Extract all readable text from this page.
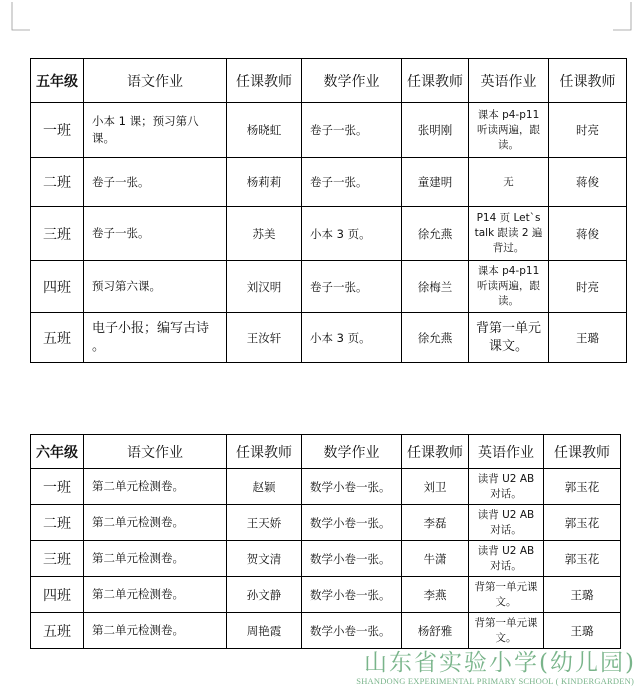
五年级	语文作业	任课教师	数学作业	任课教师	英语作业	任课教师
一班	小本 1 课；预习第八课。	杨晓虹	卷子一张。	张明刚	课本 p4-p11 听读两遍，跟读。	时亮
二班	卷子一张。	杨莉莉	卷子一张。	童建明	无	蒋俊
三班	卷子一张。	苏美	小本 3 页。	徐允燕	P14 页 Let`s talk 跟读 2 遍 背过。	蒋俊
四班	预习第六课。	刘汉明	卷子一张。	徐梅兰	课本 p4-p11 听读两遍，跟读。	时亮
五班	电子小报；编写古诗 。	王汝轩	小本 3 页。	徐允燕	背第一单元课文。	王璐
六年级	语文作业	任课教师	数学作业	任课教师	英语作业	任课教师
一班	第二单元检测卷。	赵颖	数学小卷一张。	刘卫	读背 U2 AB 对话。	郭玉花
二班	第二单元检测卷。	王天娇	数学小卷一张。	李磊	读背 U2 AB 对话。	郭玉花
三班	第二单元检测卷。	贺文清	数学小卷一张。	牛潇	读背 U2 AB 对话。	郭玉花
四班	第二单元检测卷。	孙文静	数学小卷一张。	李燕	背第一单元课文。	王璐
五班	第二单元检测卷。	周艳霞	数学小卷一张。	杨舒雅	背第一单元课文。	王璐
山东省实验小学(幼儿园)
SHANDONG EXPERIMENTAL PRIMARY SCHOOL ( KINDERGARDEN)
